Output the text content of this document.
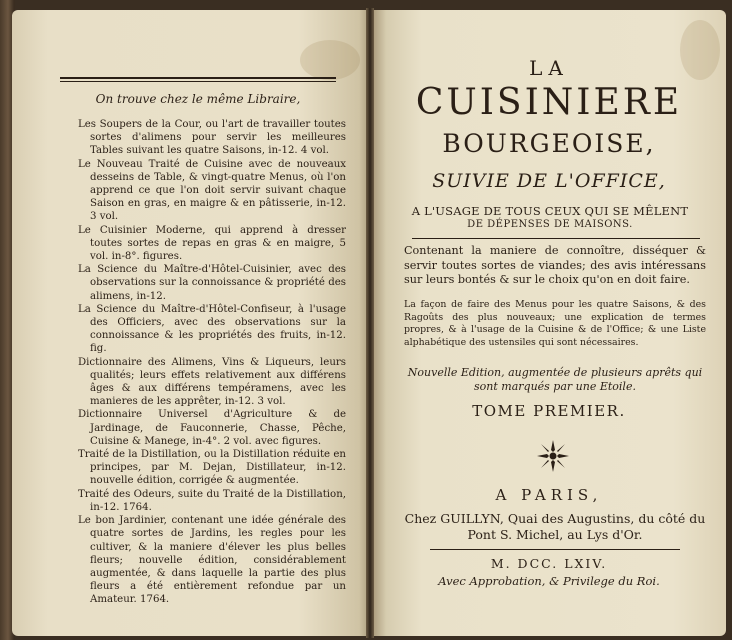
On trouve chez le même Libraire,

Les Soupers de la Cour, ou l'art de travailler toutes sortes d'alimens pour servir les meilleures Tables suivant les quatre Saisons, in-12. 4 vol.

Le Nouveau Traité de Cuisine avec de nouveaux desseins de Table, & vingt-quatre Menus, où l'on apprend ce que l'on doit servir suivant chaque Saison en gras, en maigre & en pâtisserie, in-12. 3 vol.

Le Cuisinier Moderne, qui apprend à dresser toutes sortes de repas en gras & en maigre, 5 vol. in-8°. figures.

La Science du Maître-d'Hôtel-Cuisinier, avec des observations sur la connoissance & propriété des alimens, in-12.

La Science du Maître-d'Hôtel-Confiseur, à l'usage des Officiers, avec des observations sur la connoissance & les propriétés des fruits, in-12. fig.

Dictionnaire des Alimens, Vins & Liqueurs, leurs qualités; leurs effets relativement aux différens âges & aux différens tempéramens, avec les manieres de les apprêter, in-12. 3 vol.

Dictionnaire Universel d'Agriculture & de Jardinage, de Fauconnerie, Chasse, Pêche, Cuisine & Manege, in-4°. 2 vol. avec figures.

Traité de la Distillation, ou la Distillation réduite en principes, par M. Dejan, Distillateur, in-12. nouvelle édition, corrigée & augmentée.

Traité des Odeurs, suite du Traité de la Distillation, in-12. 1764.

Le bon Jardinier, contenant une idée générale des quatre sortes de Jardins, les regles pour les cultiver, & la maniere d'élever les plus belles fleurs; nouvelle édition, considérablement augmentée, & dans laquelle la partie des plus fleurs a été entièrement refondue par un Amateur. 1764.

LA
CUISINIERE
BOURGEOISE,
SUIVIE DE L'OFFICE,
A L'USAGE DE TOUS CEUX QUI SE MÊLENT
DE DÉPENSES DE MAISONS.
Contenant la maniere de connoître, disséquer & servir toutes sortes de viandes; des avis intéressans sur leurs bontés & sur le choix qu'on en doit faire.
La façon de faire des Menus pour les quatre Saisons, & des Ragoûts des plus nouveaux; une explication de termes propres, & à l'usage de la Cuisine & de l'Office; & une Liste alphabétique des ustensiles qui sont nécessaires.
Nouvelle Edition, augmentée de plusieurs aprêts qui sont marqués par une Etoile.
TOME PREMIER.
A PARIS,
Chez GUILLYN, Quai des Augustins, du côté du Pont S. Michel, au Lys d'Or.
M. DCC. LXIV.
Avec Approbation, & Privilege du Roi.
